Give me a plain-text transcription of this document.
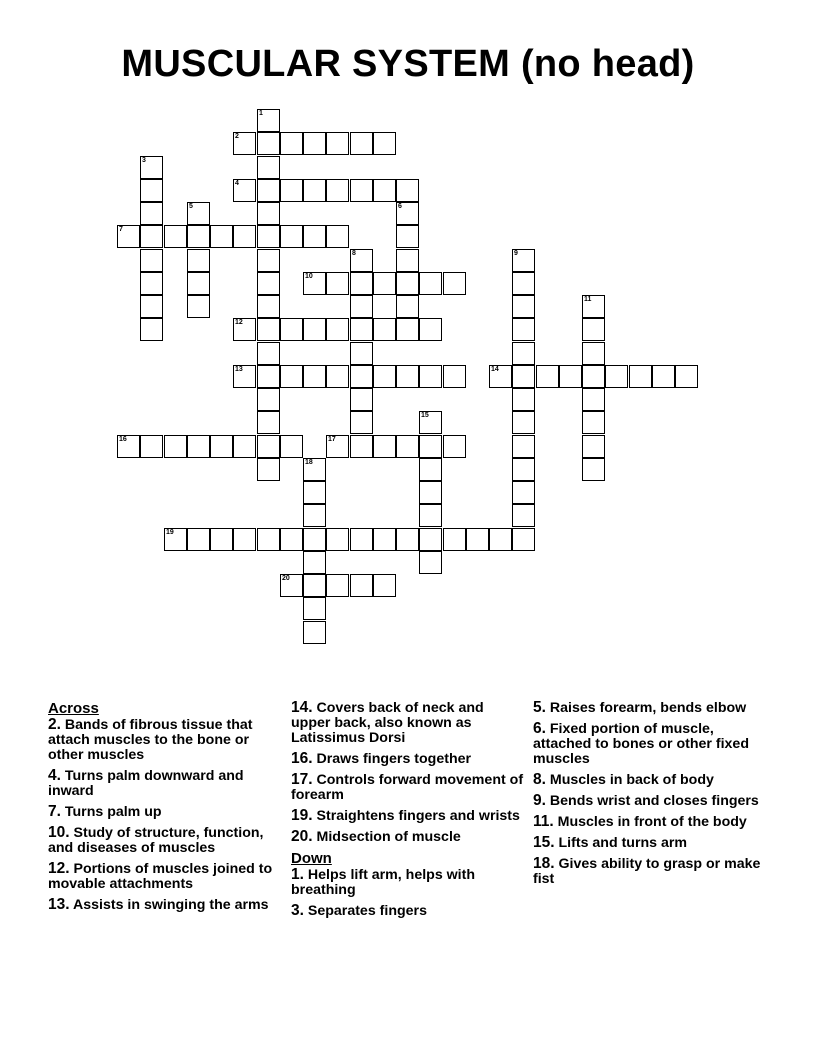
MUSCULAR SYSTEM (no head)
1
2
3
4
5	6
7
8	9
10
11
12
13	14
15
16	17
18
19
20
Across
2. Bands of fibrous tissue that attach muscles to the bone or other muscles
4. Turns palm downward and inward
7. Turns palm up
10. Study of structure, function, and diseases of muscles
12. Portions of muscles joined to movable attachments
13. Assists in swinging the arms
14. Covers back of neck and upper back, also known as Latissimus Dorsi
16. Draws fingers together
17. Controls forward movement of forearm
19. Straightens fingers and wrists
20. Midsection of muscle
Down
1. Helps lift arm, helps with breathing
3. Separates fingers
5. Raises forearm, bends elbow
6. Fixed portion of muscle, attached to bones or other fixed muscles
8. Muscles in back of body
9. Bends wrist and closes fingers
11. Muscles in front of the body
15. Lifts and turns arm
18. Gives ability to grasp or make fist
